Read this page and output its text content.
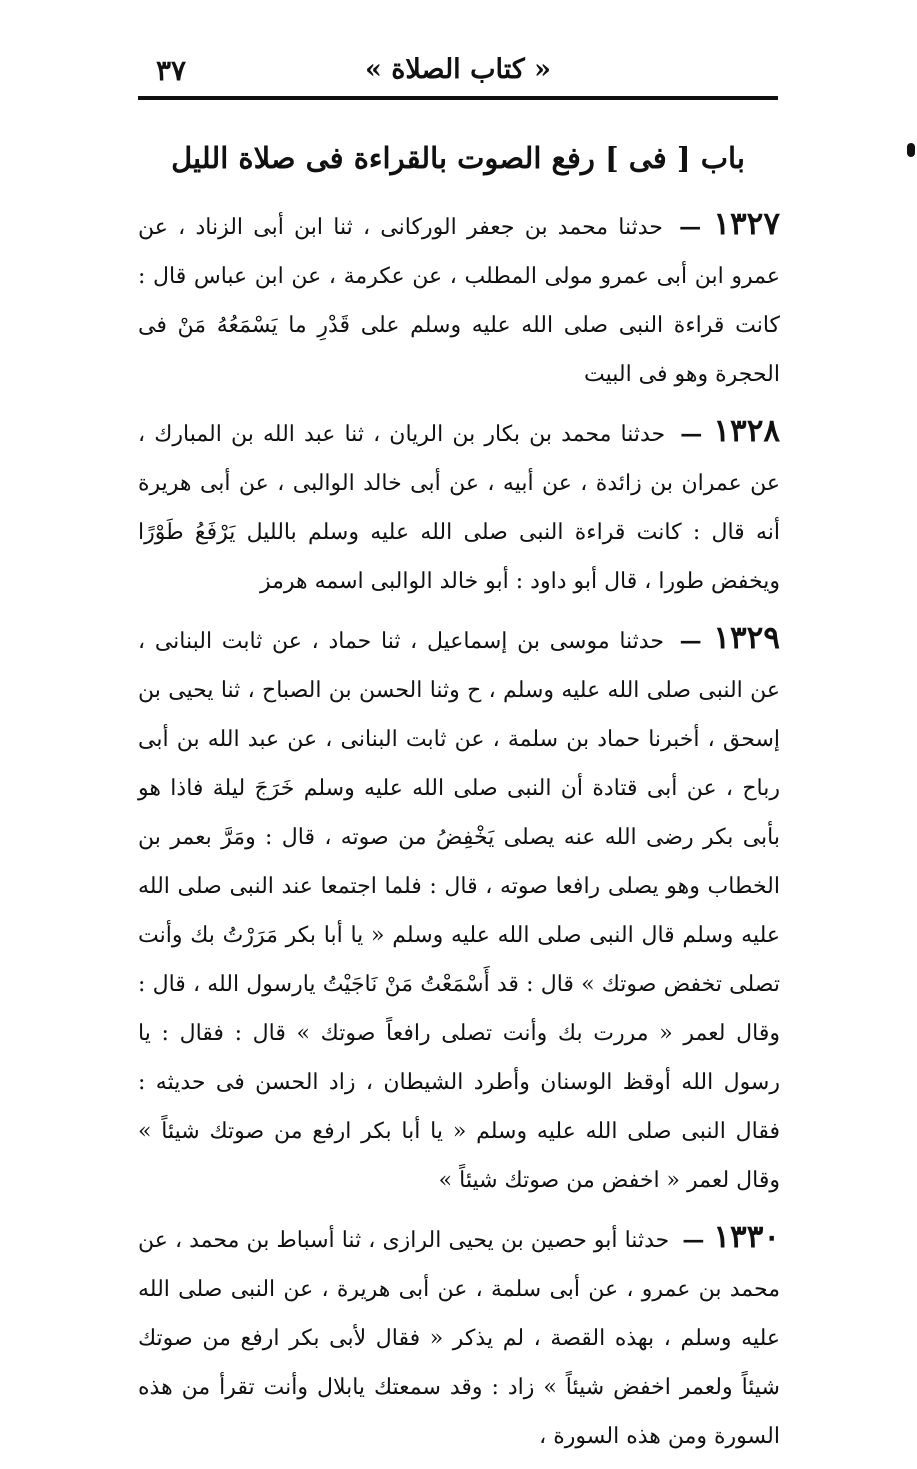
٣٧	« كتاب الصلاة »
باب [ فى ] رفع الصوت بالقراءة فى صلاة الليل

١٣٢٧ — حدثنا محمد بن جعفر الوركانى ، ثنا ابن أبى الزناد ، عن عمرو ابن أبى عمرو مولى المطلب ، عن عكرمة ، عن ابن عباس قال : كانت قراءة النبى صلى الله عليه وسلم على قَدْرِ ما يَسْمَعُهُ مَنْ فى الحجرة وهو فى البيت

١٣٢٨ — حدثنا محمد بن بكار بن الريان ، ثنا عبد الله بن المبارك ، عن عمران بن زائدة ، عن أبيه ، عن أبى خالد الوالبى ، عن أبى هريرة أنه قال : كانت قراءة النبى صلى الله عليه وسلم بالليل يَرْفَعُ طَوْرًا ويخفض طورا ، قال أبو داود : أبو خالد الوالبى اسمه هرمز

١٣٢٩ — حدثنا موسى بن إسماعيل ، ثنا حماد ، عن ثابت البنانى ، عن النبى صلى الله عليه وسلم ، ح وثنا الحسن بن الصباح ، ثنا يحيى بن إسحق ، أخبرنا حماد بن سلمة ، عن ثابت البنانى ، عن عبد الله بن أبى رباح ، عن أبى قتادة أن النبى صلى الله عليه وسلم خَرَجَ ليلة فاذا هو بأبى بكر رضى الله عنه يصلى يَخْفِضُ من صوته ، قال : ومَرَّ بعمر بن الخطاب وهو يصلى رافعا صوته ، قال : فلما اجتمعا عند النبى صلى الله عليه وسلم قال النبى صلى الله عليه وسلم « يا أبا بكر مَرَرْتُ بك وأنت تصلى تخفض صوتك » قال : قد أَسْمَعْتُ مَنْ نَاجَيْتُ يارسول الله ، قال : وقال لعمر « مررت بك وأنت تصلى رافعاً صوتك » قال : فقال : يا رسول الله أوقظ الوسنان وأطرد الشيطان ، زاد الحسن فى حديثه : فقال النبى صلى الله عليه وسلم « يا أبا بكر ارفع من صوتك شيئاً » وقال لعمر « اخفض من صوتك شيئاً »

١٣٣٠ — حدثنا أبو حصين بن يحيى الرازى ، ثنا أسباط بن محمد ، عن محمد بن عمرو ، عن أبى سلمة ، عن أبى هريرة ، عن النبى صلى الله عليه وسلم ، بهذه القصة ، لم يذكر « فقال لأبى بكر ارفع من صوتك شيئاً ولعمر اخفض شيئاً » زاد : وقد سمعتك يابلال وأنت تقرأ من هذه السورة ومن هذه السورة ،
